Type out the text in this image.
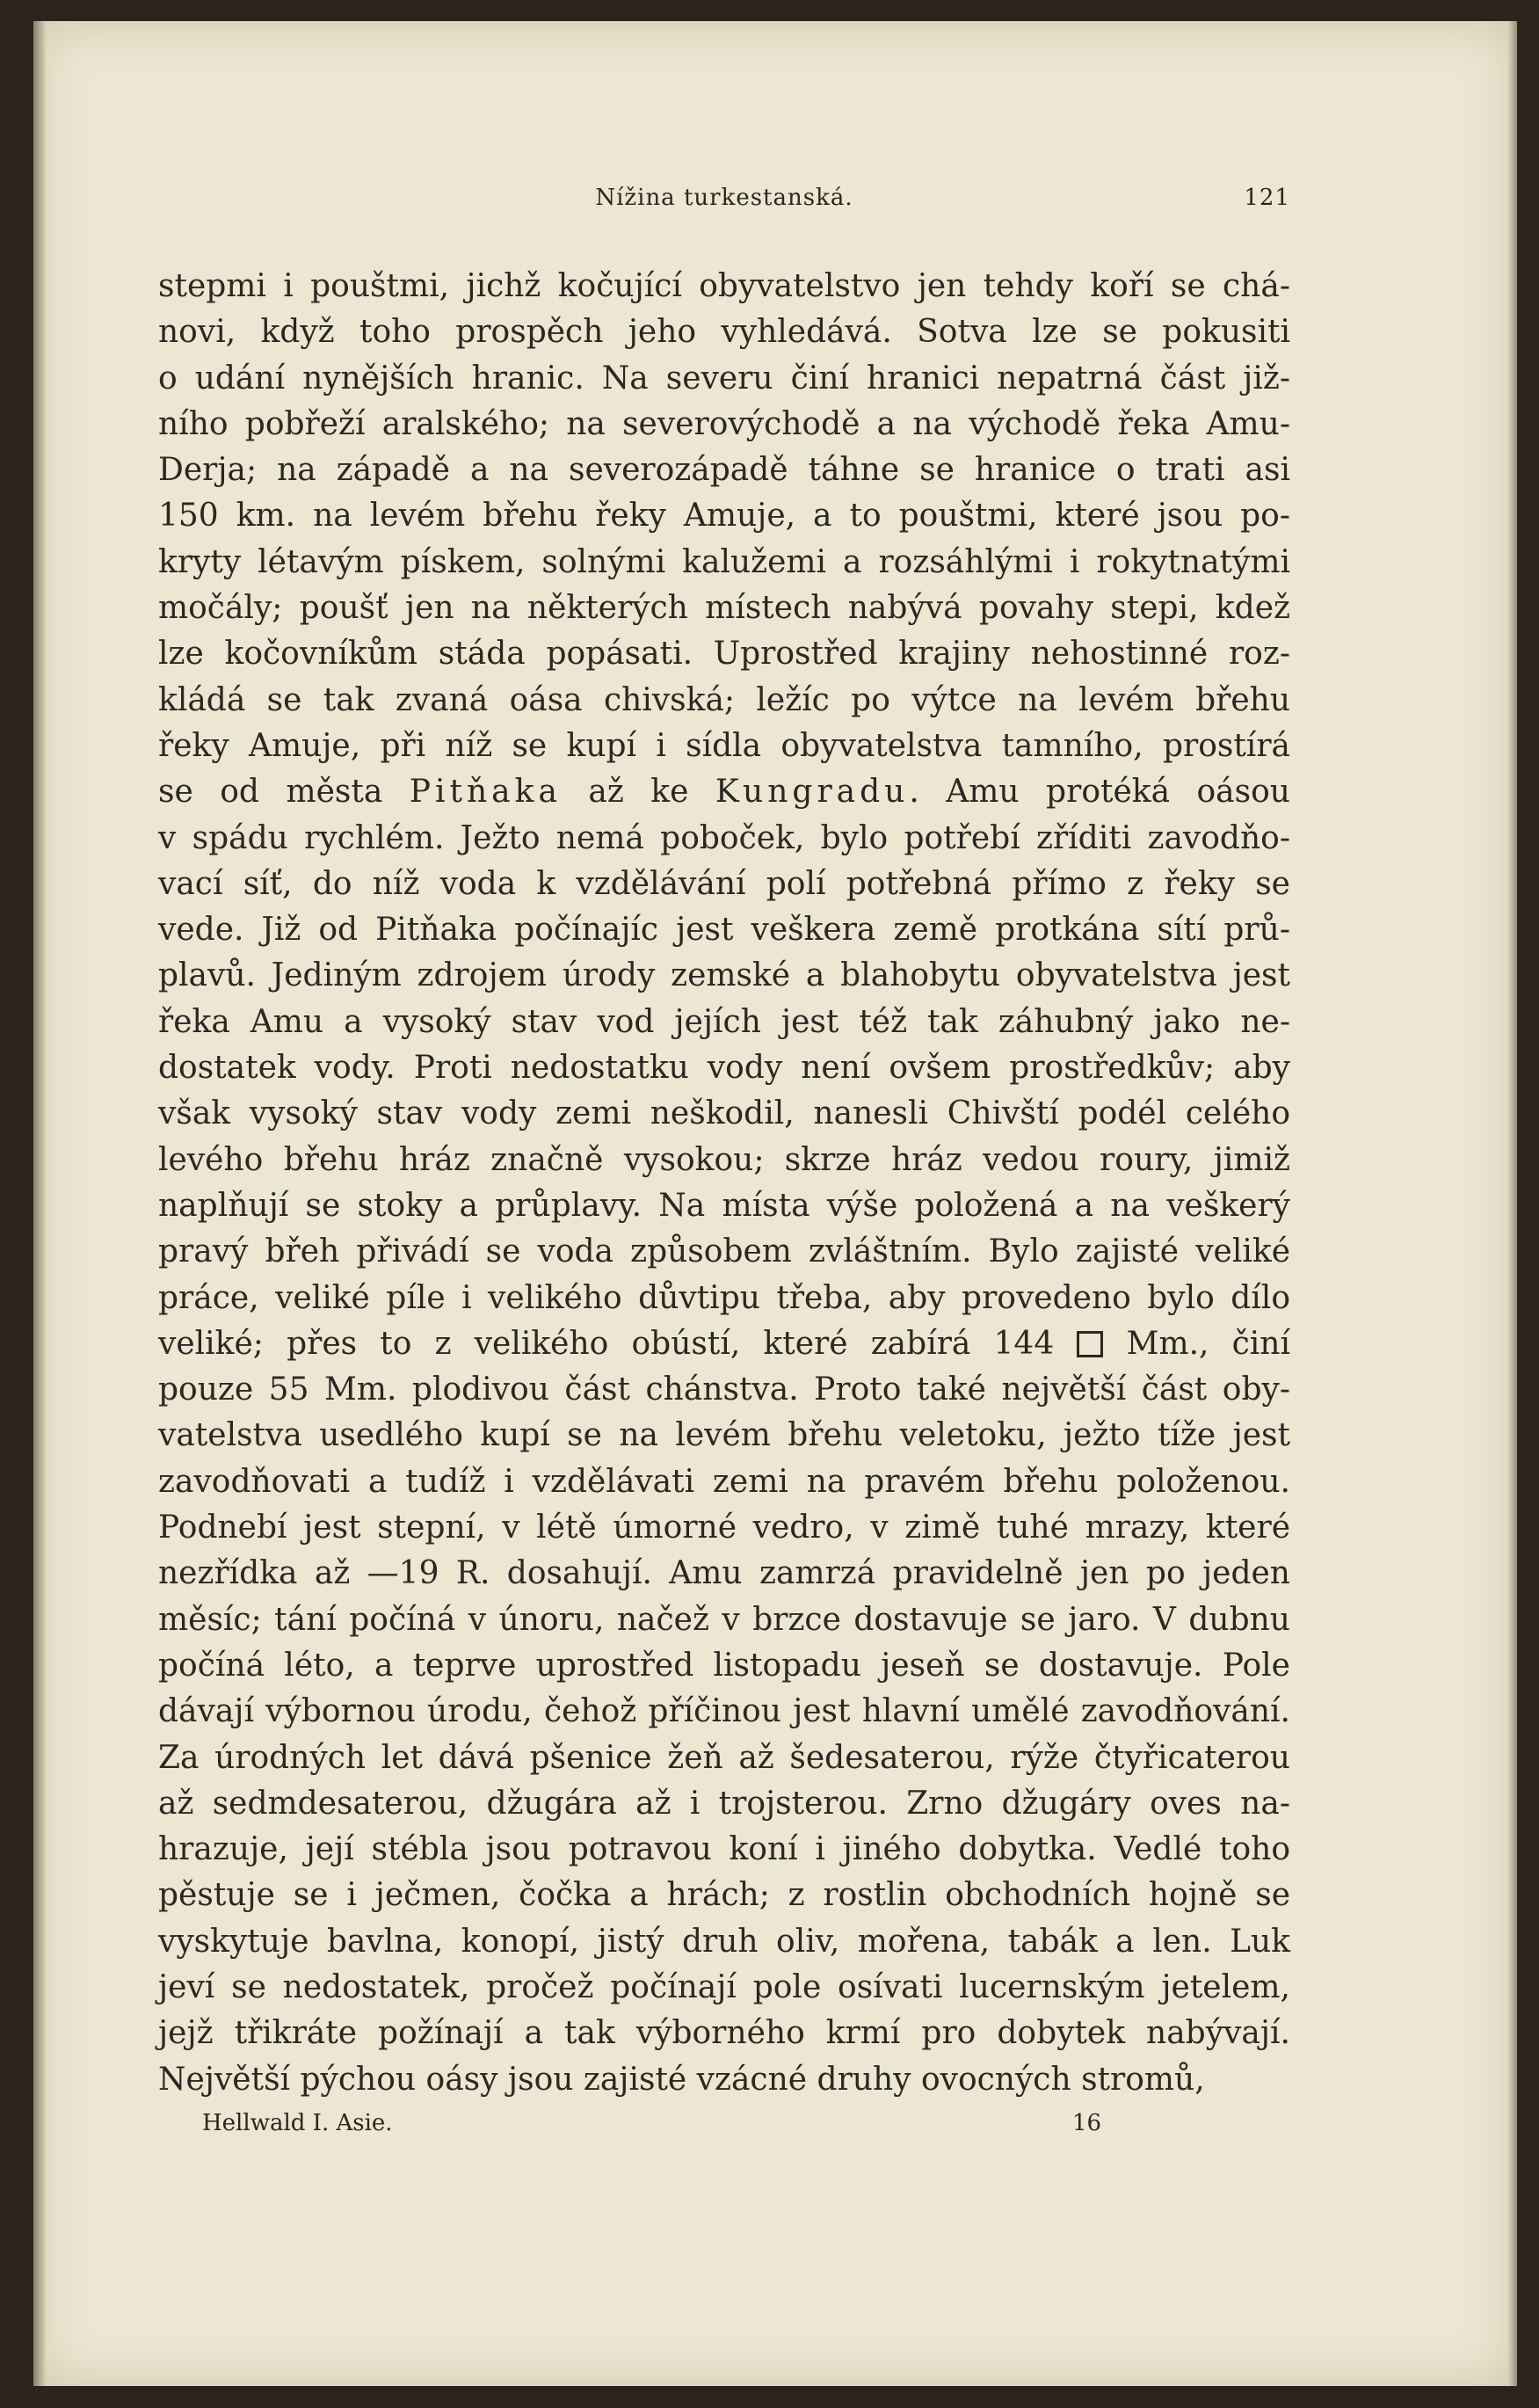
Nížina turkestanská.	121
stepmi i pouštmi, jichž kočující obyvatelstvo jen tehdy koří se chá-
novi, když toho prospěch jeho vyhledává. Sotva lze se pokusiti
o udání nynějších hranic. Na severu činí hranici nepatrná část již-
ního pobřeží aralského; na severovýchodě a na východě řeka Amu-
Derja; na západě a na severozápadě táhne se hranice o trati asi
150 km. na levém břehu řeky Amuje, a to pouštmi, které jsou po-
kryty létavým pískem, solnými kalužemi a rozsáhlými i rokytnatými
močály; poušť jen na některých místech nabývá povahy stepi, kdež
lze kočovníkům stáda popásati. Uprostřed krajiny nehostinné roz-
kládá se tak zvaná oása chivská; ležíc po výtce na levém břehu
řeky Amuje, při níž se kupí i sídla obyvatelstva tamního, prostírá
se od města Pitňaka až ke Kungradu. Amu protéká oásou
v spádu rychlém. Ježto nemá poboček, bylo potřebí zříditi zavodňo-
vací síť, do níž voda k vzdělávání polí potřebná přímo z řeky se
vede. Již od Pitňaka počínajíc jest veškera země protkána sítí prů-
plavů. Jediným zdrojem úrody zemské a blahobytu obyvatelstva jest
řeka Amu a vysoký stav vod jejích jest též tak záhubný jako ne-
dostatek vody. Proti nedostatku vody není ovšem prostředkův; aby
však vysoký stav vody zemi neškodil, nanesli Chivští podél celého
levého břehu hráz značně vysokou; skrze hráz vedou roury, jimiž
naplňují se stoky a průplavy. Na místa výše položená a na veškerý
pravý břeh přivádí se voda způsobem zvláštním. Bylo zajisté veliké
práce, veliké píle i velikého důvtipu třeba, aby provedeno bylo dílo
veliké; přes to z velikého obústí, které zabírá 144 Mm., činí
pouze 55 Mm. plodivou část chánstva. Proto také největší část oby-
vatelstva usedlého kupí se na levém břehu veletoku, ježto tíže jest
zavodňovati a tudíž i vzdělávati zemi na pravém břehu položenou.
Podnebí jest stepní, v létě úmorné vedro, v zimě tuhé mrazy, které
nezřídka až —19 R. dosahují. Amu zamrzá pravidelně jen po jeden
měsíc; tání počíná v únoru, načež v brzce dostavuje se jaro. V dubnu
počíná léto, a teprve uprostřed listopadu jeseň se dostavuje. Pole
dávají výbornou úrodu, čehož příčinou jest hlavní umělé zavodňování.
Za úrodných let dává pšenice žeň až šedesaterou, rýže čtyřicaterou
až sedmdesaterou, džugára až i trojsterou. Zrno džugáry oves na-
hrazuje, její stébla jsou potravou koní i jiného dobytka. Vedlé toho
pěstuje se i ječmen, čočka a hrách; z rostlin obchodních hojně se
vyskytuje bavlna, konopí, jistý druh oliv, mořena, tabák a len. Luk
jeví se nedostatek, pročež počínají pole osívati lucernským jetelem,
jejž třikráte požínají a tak výborného krmí pro dobytek nabývají.
Největší pýchou oásy jsou zajisté vzácné druhy ovocných stromů,
Hellwald I. Asie.	16
